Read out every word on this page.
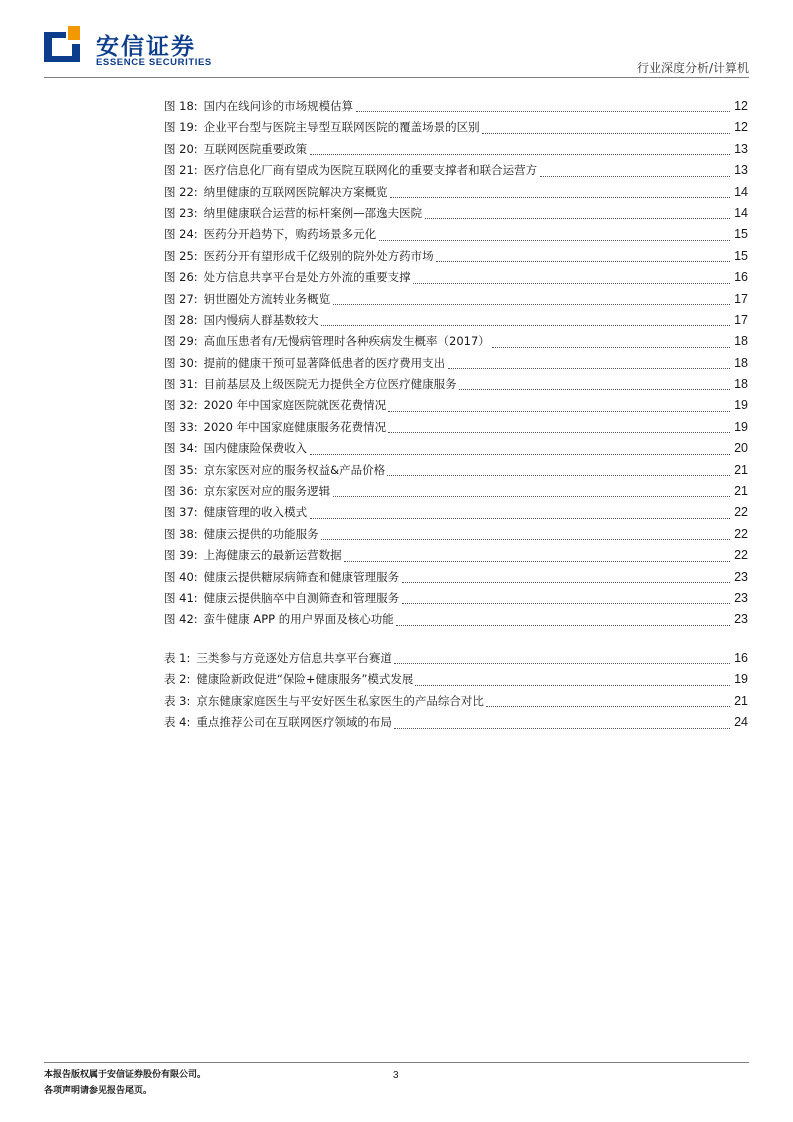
安信证券
ESSENCE SECURITIES	行业深度分析/计算机
图 18: 国内在线问诊的市场规模估算	12
图 19: 企业平台型与医院主导型互联网医院的覆盖场景的区别	12
图 20: 互联网医院重要政策	13
图 21: 医疗信息化厂商有望成为医院互联网化的重要支撑者和联合运营方	13
图 22: 纳里健康的互联网医院解决方案概览	14
图 23: 纳里健康联合运营的标杆案例—邵逸夫医院	14
图 24: 医药分开趋势下，购药场景多元化	15
图 25: 医药分开有望形成千亿级别的院外处方药市场	15
图 26: 处方信息共享平台是处方外流的重要支撑	16
图 27: 钥世圈处方流转业务概览	17
图 28: 国内慢病人群基数较大	17
图 29: 高血压患者有/无慢病管理时各种疾病发生概率（2017）	18
图 30: 提前的健康干预可显著降低患者的医疗费用支出	18
图 31: 目前基层及上级医院无力提供全方位医疗健康服务	18
图 32: 2020 年中国家庭医院就医花费情况	19
图 33: 2020 年中国家庭健康服务花费情况	19
图 34: 国内健康险保费收入	20
图 35: 京东家医对应的服务权益&产品价格	21
图 36: 京东家医对应的服务逻辑	21
图 37: 健康管理的收入模式	22
图 38: 健康云提供的功能服务	22
图 39: 上海健康云的最新运营数据	22
图 40: 健康云提供糖尿病筛查和健康管理服务	23
图 41: 健康云提供脑卒中自测筛查和管理服务	23
图 42: 蛮牛健康 APP 的用户界面及核心功能	23
表 1: 三类参与方竞逐处方信息共享平台赛道	16
表 2: 健康险新政促进“保险+健康服务”模式发展	19
表 3: 京东健康家庭医生与平安好医生私家医生的产品综合对比	21
表 4: 重点推荐公司在互联网医疗领域的布局	24
本报告版权属于安信证券股份有限公司。
各项声明请参见报告尾页。
3
